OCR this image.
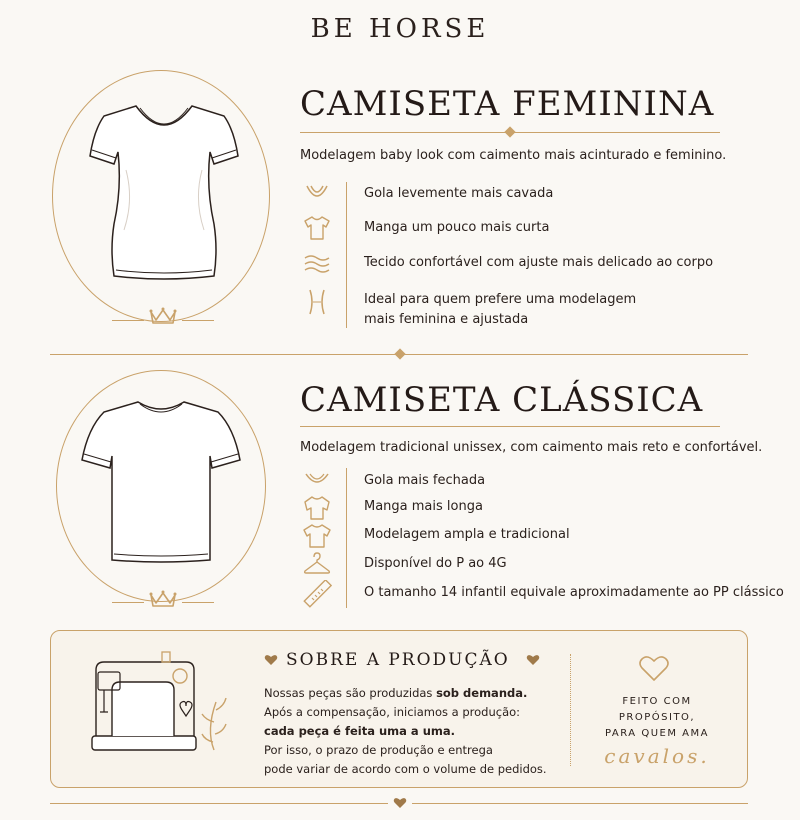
BE HORSE
CAMISETA FEMININA
Modelagem baby look com caimento mais acinturado e feminino.
Gola levemente mais cavada
Manga um pouco mais curta
Tecido confortável com ajuste mais delicado ao corpo
Ideal para quem prefere uma modelagem
mais feminina e ajustada
CAMISETA CLÁSSICA
Modelagem tradicional unissex, com caimento mais reto e confortável.
Gola mais fechada
Manga mais longa
Modelagem ampla e tradicional
Disponível do P ao 4G
O tamanho 14 infantil equivale aproximadamente ao PP clássico
SOBRE A PRODUÇÃO
Nossas peças são produzidas sob demanda.
Após a compensação, iniciamos a produção:
cada peça é feita uma a uma.
Por isso, o prazo de produção e entrega
pode variar de acordo com o volume de pedidos.
FEITO COM
PROPÓSITO,
PARA QUEM AMA
cavalos.
